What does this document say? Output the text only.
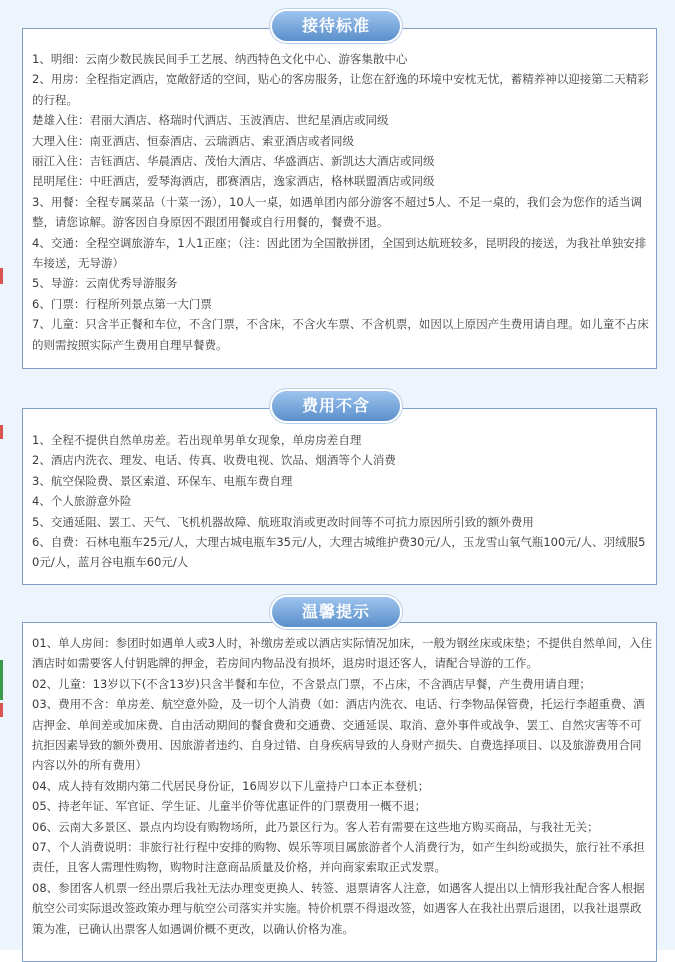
接待标准
1、明细：云南少数民族民间手工艺展、纳西特色文化中心、游客集散中心
2、用房：全程指定酒店，宽敞舒适的空间，贴心的客房服务，让您在舒逸的环境中安枕无忧，蓄精养神以迎接第二天精彩的行程。
楚雄入住：君丽大酒店、格瑞时代酒店、玉波酒店、世纪星酒店或同级
大理入住：南亚酒店、恒泰酒店、云瑞酒店、索亚酒店或者同级
丽江入住：吉钰酒店、华晨酒店、茂怡大酒店、华盛酒店、新凯达大酒店或同级
昆明尾住：中旺酒店，爱琴海酒店，郡赛酒店，逸家酒店，格林联盟酒店或同级
3、用餐：全程专属菜品（十菜一汤），10人一桌，如遇单团内部分游客不超过5人、不足一桌的，我们会为您作的适当调整，请您谅解。游客因自身原因不跟团用餐或自行用餐的，餐费不退。
4、交通：全程空调旅游车，1人1正座；（注：因此团为全国散拼团，全国到达航班较多，昆明段的接送，为我社单独安排车接送，无导游）
5、导游：云南优秀导游服务
6、门票：行程所列景点第一大门票
7、儿童：只含半正餐和车位，不含门票，不含床，不含火车票、不含机票，如因以上原因产生费用请自理。如儿童不占床的则需按照实际产生费用自理早餐费。
费用不含
1、全程不提供自然单房差。若出现单男单女现象，单房房差自理
2、酒店内洗衣、理发、电话、传真、收费电视、饮品、烟酒等个人消费
3、航空保险费、景区索道、环保车、电瓶车费自理
4、个人旅游意外险
5、交通延阻、罢工、天气、飞机机器故障、航班取消或更改时间等不可抗力原因所引致的额外费用
6、自费：石林电瓶车25元/人，大理古城电瓶车35元/人，大理古城维护费30元/人，玉龙雪山氧气瓶100元/人、羽绒服50元/人，蓝月谷电瓶车60元/人
温馨提示
01、单人房间：参团时如遇单人或3人时，补缴房差或以酒店实际情况加床，一般为钢丝床或床垫；不提供自然单间，入住酒店时如需要客人付钥匙牌的押金，若房间内物品没有损坏，退房时退还客人，请配合导游的工作。
02、儿童：13岁以下(不含13岁)只含半餐和车位，不含景点门票，不占床，不含酒店早餐，产生费用请自理；
03、费用不含：单房差、航空意外险，及一切个人消费（如：酒店内洗衣、电话、行李物品保管费，托运行李超重费、酒店押金、单间差或加床费、自由活动期间的餐食费和交通费、交通延误、取消、意外事件或战争、罢工、自然灾害等不可抗拒因素导致的额外费用、因旅游者违约、自身过错、自身疾病导致的人身财产损失、自费选择项目、以及旅游费用合同内容以外的所有费用）
04、成人持有效期内第二代居民身份证，16周岁以下儿童持户口本正本登机；
05、持老年证、军官证、学生证、儿童半价等优惠证件的门票费用一概不退；
06、云南大多景区、景点内均设有购物场所，此乃景区行为。客人若有需要在这些地方购买商品，与我社无关；
07、个人消费说明：非旅行社行程中安排的购物、娱乐等项目属旅游者个人消费行为，如产生纠纷或损失，旅行社不承担责任，且客人需理性购物，购物时注意商品质量及价格，并向商家索取正式发票。
08、参团客人机票一经出票后我社无法办理变更换人、转签、退票请客人注意，如遇客人提出以上情形我社配合客人根据航空公司实际退改签政策办理与航空公司落实并实施。特价机票不得退改签，如遇客人在我社出票后退团，以我社退票政策为准，已确认出票客人如遇调价概不更改，以确认价格为准。
